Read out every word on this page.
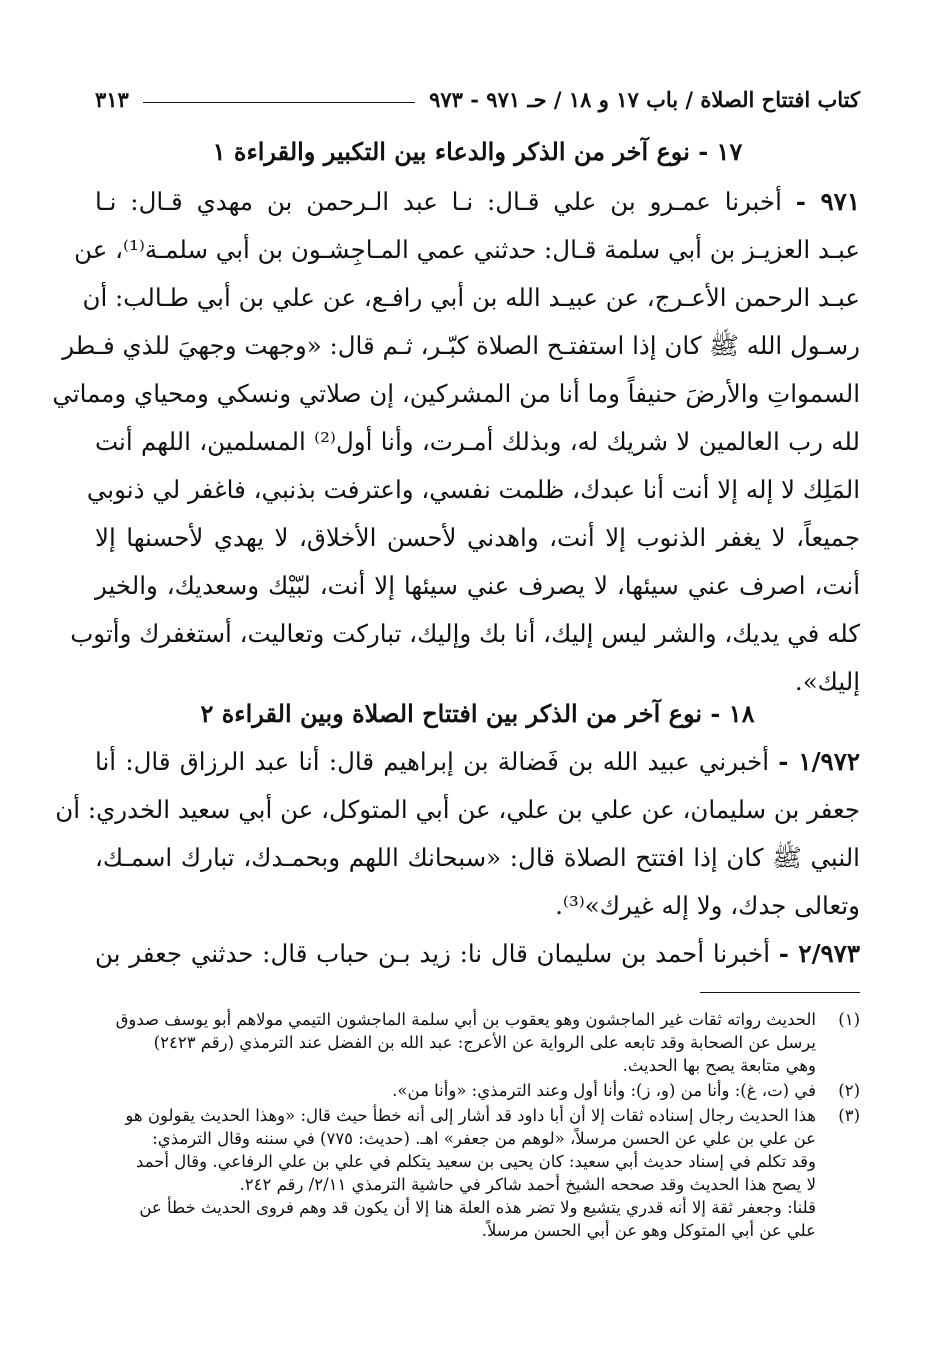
كتاب افتتاح الصلاة / باب ١٧ و ١٨ / حـ ٩٧١ - ٩٧٣
٣١٣
١٧ - نوع آخر من الذكر والدعاء بين التكبير والقراءة ١
٩٧١ - أخبرنا عمـرو بن علي قـال: نـا عبد الـرحمن بن مهدي قـال: نـا
عبـد العزيـز بن أبي سلمة قـال: حدثني عمي المـاجِشـون بن أبي سلمـة⁽¹⁾، عن
عبـد الرحمن الأعـرج، عن عبيـد الله بن أبي رافـع، عن علي بن أبي طـالب: أن
رسـول الله ﷺ كان إذا استفتـح الصلاة كبّـر، ثـم قال: «وجهت وجهيَ للذي فـطر
السمواتِ والأرضَ حنيفاً وما أنا من المشركين، إن صلاتي ونسكي ومحياي ومماتي
لله رب العالمين لا شريك له، وبذلك أمـرت، وأنا أول⁽²⁾ المسلمين، اللهم أنت
المَلِك لا إله إلا أنت أنا عبدك، ظلمت نفسي، واعترفت بذنبي، فاغفر لي ذنوبي
جميعاً، لا يغفر الذنوب إلا أنت، واهدني لأحسن الأخلاق، لا يهدي لأحسنها إلا
أنت، اصرف عني سيئها، لا يصرف عني سيئها إلا أنت، لبّيْك وسعديك، والخير
كله في يديك، والشر ليس إليك، أنا بك وإليك، تباركت وتعاليت، أستغفرك وأتوب
إليك».
١٨ - نوع آخر من الذكر بين افتتاح الصلاة وبين القراءة ٢
١/٩٧٢ - أخبرني عبيد الله بن فَضالة بن إبراهيم قال: أنا عبد الرزاق قال: أنا
جعفر بن سليمان، عن علي بن علي، عن أبي المتوكل، عن أبي سعيد الخدري: أن
النبي ﷺ كان إذا افتتح الصلاة قال: «سبحانك اللهم وبحمـدك، تبارك اسمـك،
وتعالى جدك، ولا إله غيرك»⁽³⁾.
٢/٩٧٣ - أخبرنا أحمد بن سليمان قال نا: زيد بـن حباب قال: حدثني جعفر بن
(١)
الحديث رواته ثقات غير الماجشون وهو يعقوب بن أبي سلمة الماجشون التيمي مولاهم أبو يوسف صدوق
يرسل عن الصحابة وقد تابعه على الرواية عن الأعرج: عبد الله بن الفضل عند الترمذي (رقم ٢٤٢٣)
وهي متابعة يصح بها الحديث.
(٢)
في (ت، غ): وأنا من (و، ز): وأنا أول وعند الترمذي: «وأنا من».
(٣)
هذا الحديث رجال إسناده ثقات إلا أن أبا داود قد أشار إلى أنه خطأ حيث قال: «وهذا الحديث يقولون هو
عن علي بن علي عن الحسن مرسلاً، «لوهم من جعفر» اهـ. (حديث: ٧٧٥) في سننه وقال الترمذي:
وقد تكلم في إسناد حديث أبي سعيد: كان يحيى بن سعيد يتكلم في علي بن علي الرفاعي. وقال أحمد
لا يصح هذا الحديث وقد صححه الشيخ أحمد شاكر في حاشية الترمذي ٢/١١/ رقم ٢٤٢.
قلنا: وجعفر ثقة إلا أنه قدري يتشيع ولا تضر هذه العلة هنا إلا أن يكون قد وهم فروى الحديث خطأ عن
علي عن أبي المتوكل وهو عن أبي الحسن مرسلاً.
